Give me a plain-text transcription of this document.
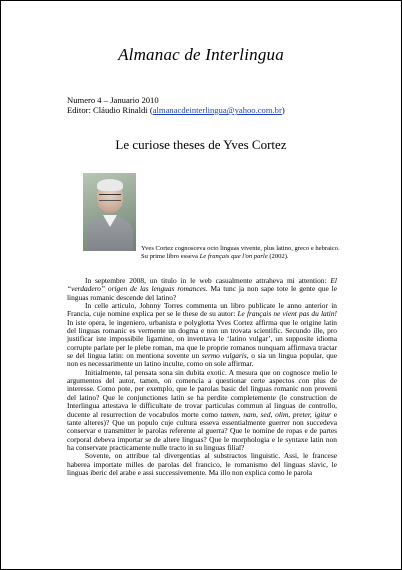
Almanac de Interlingua
Numero 4 – Januario 2010
Editor: Cláudio Rinaldi (almanacdeinterlingua@yahoo.com.br)
Le curiose theses de Yves Cortez
Yves Cortez cognosceva octo linguas vivente, plus latino, greco e hebraico.
Su prime libro esseva Le français que l'on parle (2002).

In septembre 2008, un titulo in le web casualmente attraheva mi attention: El “verdadero” origen de las lenguas romances. Ma tunc ja non sape tote le gente que le linguas romanic descende del latino?

In celle articulo, Johnny Torres commenta un libro publicate le anno anterior in Francia, cuje nomine explica per se le these de su autor: Le français ne vient pas du latin! In iste opera, le ingeniero, urbanista e polyglotta Yves Cortez affirma que le origine latin del linguas romanic es vermente un dogma e non un trovata scientific. Secundo ille, pro justificar iste impossibile ligamine, on inventava le ‘latino vulgar’, un supposite idioma corrupte parlate per le plebe roman, ma que le proprie romanos nunquam affirmava tractar se del lingua latin: on mentiona sovente un sermo vulgaris, o sia un lingua popular, que non es necessarimente un latino inculte, como on sole affirmar.

Initialmente, tal pensata sona sin dubita exotic. A mesura que on cognosce melio le argumentos del autor, tamen, on comencia a questionar certe aspectos con plus de interesse. Como pote, per exemplo, que le parolas basic del linguas romanic non proveni del latino? Que le conjunctiones latin se ha perdite completemente (le construction de Interlingua attestava le difficultate de trovar particulas commun al linguas de controllo, ducente al resurrection de vocabulos morte como tamen, nam, sed, olim, preter, igitur e tante alteres)? Que un populo cuje cultura esseva essentialmente guerrer non succedeva conservar e transmitter le parolas referente al guerra? Que le nomine de ropas e de partes corporal debeva importar se de altere linguas? Que le morphologia e le syntaxe latin non ha conservate practicamente nulle tracto in su linguas filial?

Sovente, on attribue tal divergentias al substractos linguistic. Assi, le francese haberea importate milles de parolas del francico, le romanismo del linguas slavic, le linguas iberic del arabe e assi successivemente. Ma illo non explica como le parola
